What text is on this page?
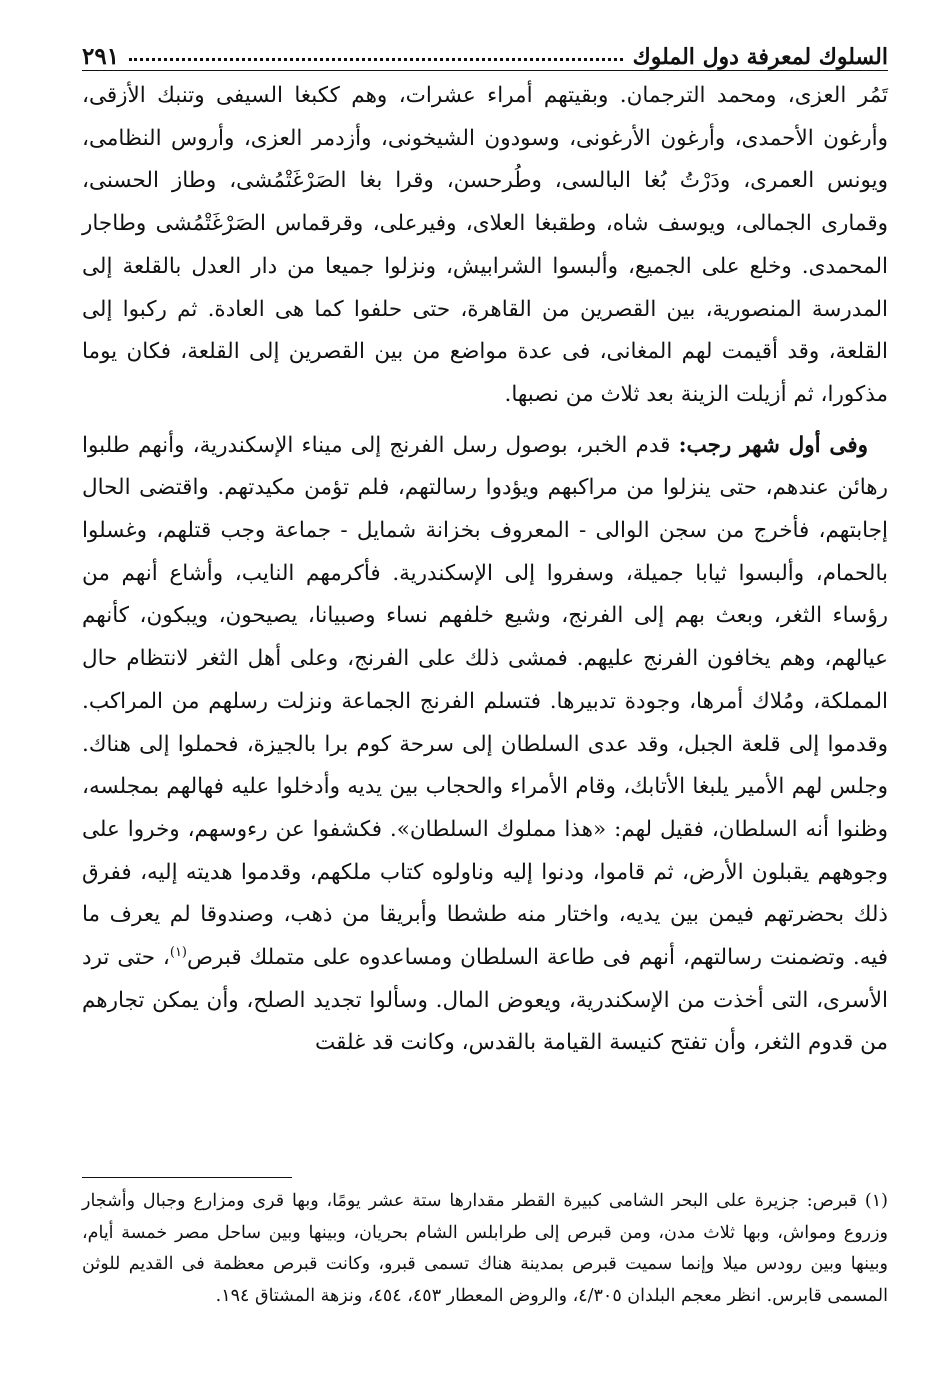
السلوك لمعرفة دول الملوك
٢٩١

تَمُر العزى، ومحمد الترجمان. وبقيتهم أمراء عشرات، وهم ككبغا السيفى وتنبك الأزقى، وأرغون الأحمدى، وأرغون الأرغونى، وسودون الشيخونى، وأزدمر العزى، وأروس النظامى، ويونس العمرى، ودَرْتُ بُغا البالسى، وطُرحسن، وقرا بغا الصَرْغَتْمُشى، وطاز الحسنى، وقمارى الجمالى، ويوسف شاه، وطقبغا العلاى، وفيرعلى، وقرقماس الصَرْغَتْمُشى وطاجار المحمدى. وخلع على الجميع، وألبسوا الشرابيش، ونزلوا جميعا من دار العدل بالقلعة إلى المدرسة المنصورية، بين القصرين من القاهرة، حتى حلفوا كما هى العادة. ثم ركبوا إلى القلعة، وقد أقيمت لهم المغانى، فى عدة مواضع من بين القصرين إلى القلعة، فكان يوما مذكورا، ثم أزيلت الزينة بعد ثلاث من نصبها.

وفى أول شهر رجب: قدم الخبر، بوصول رسل الفرنج إلى ميناء الإسكندرية، وأنهم طلبوا رهائن عندهم، حتى ينزلوا من مراكبهم ويؤدوا رسالتهم، فلم تؤمن مكيدتهم. واقتضى الحال إجابتهم، فأخرج من سجن الوالى - المعروف بخزانة شمايل - جماعة وجب قتلهم، وغسلوا بالحمام، وألبسوا ثيابا جميلة، وسفروا إلى الإسكندرية. فأكرمهم النايب، وأشاع أنهم من رؤساء الثغر، وبعث بهم إلى الفرنج، وشيع خلفهم نساء وصبيانا، يصيحون، ويبكون، كأنهم عيالهم، وهم يخافون الفرنج عليهم. فمشى ذلك على الفرنج، وعلى أهل الثغر لانتظام حال المملكة، ومُلاك أمرها، وجودة تدبيرها. فتسلم الفرنج الجماعة ونزلت رسلهم من المراكب. وقدموا إلى قلعة الجبل، وقد عدى السلطان إلى سرحة كوم برا بالجيزة، فحملوا إلى هناك. وجلس لهم الأمير يلبغا الأتابك، وقام الأمراء والحجاب بين يديه وأدخلوا عليه فهالهم بمجلسه، وظنوا أنه السلطان، فقيل لهم: «هذا مملوك السلطان». فكشفوا عن رءوسهم، وخروا على وجوههم يقبلون الأرض، ثم قاموا، ودنوا إليه وناولوه كتاب ملكهم، وقدموا هديته إليه، ففرق ذلك بحضرتهم فيمن بين يديه، واختار منه طشطا وأبريقا من ذهب، وصندوقا لم يعرف ما فيه. وتضمنت رسالتهم، أنهم فى طاعة السلطان ومساعدوه على متملك قبرص$^{(١)}$، حتى ترد الأسرى، التى أخذت من الإسكندرية، ويعوض المال. وسألوا تجديد الصلح، وأن يمكن تجارهم من قدوم الثغر، وأن تفتح كنيسة القيامة بالقدس، وكانت قد غلقت

(١) قبرص: جزيرة على البحر الشامى كبيرة القطر مقدارها ستة عشر يومًا، وبها قرى ومزارع وجبال وأشجار وزروع ومواش، وبها ثلاث مدن، ومن قبرص إلى طرابلس الشام بحريان، وبينها وبين ساحل مصر خمسة أيام، وبينها وبين رودس ميلا وإنما سميت قبرص بمدينة هناك تسمى قبرو، وكانت قبرص معظمة فى القديم للوثن المسمى قابرس. انظر معجم البلدان ٤/٣٠٥، والروض المعطار ٤٥٣، ٤٥٤، ونزهة المشتاق ١٩٤.
